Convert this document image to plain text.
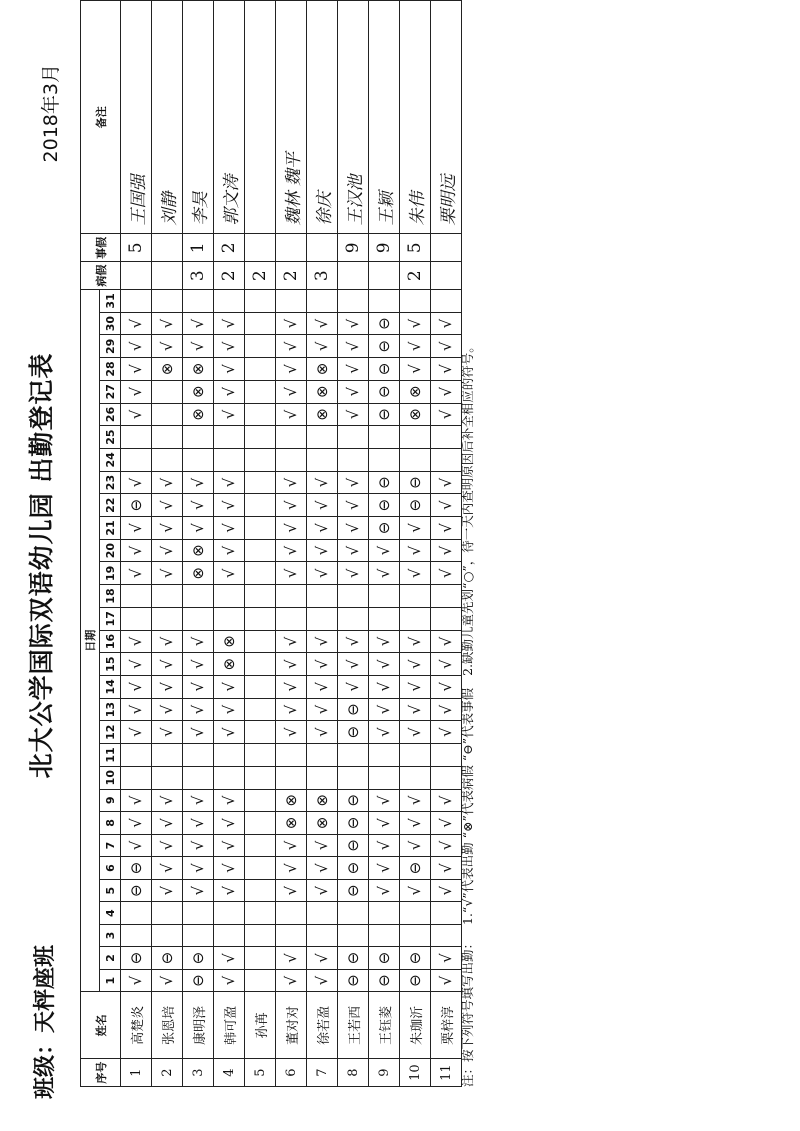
班级：天枰座班
北大公学国际双语幼儿园 出勤登记表
2018年3月
序号	姓名	日期																															病假	事假	备注
		1	2	3	4	5	6	7	8	9	10	11	12	13	14	15	16	17	18	19	20	21	22	23	24	25	26	27	28	29	30	31			
1	高楚炎	√	⊖			⊖	⊖	√	√	√			√	√	√	√	√			√	√	√	⊖	√			√	√	√	√	√			5	王国强
2	张恩培	√	⊖			√	√	√	√	√			√	√	√	√	√			√	√	√	√	√					⊗	√	√				刘静
3	康明泽	⊖	⊖			√	√	√	√	√			√	√	√	√	√			⊗	⊗	√	√	√			⊗	⊗	⊗	√	√		3	1	李昊
4	韩可盈	√	√			√	√	√	√	√			√	√	√	⊗	⊗			√	√	√	√	√			√	√	√	√	√		2	2	郭文涛
5	孙苒																																2		
6	董对对	√	√			√	√	√	⊗	⊗			√	√	√	√	√			√	√	√	√	√			√	√	√	√	√		2		魏林 魏平
7	徐若盈	√	√			√	√	√	⊗	⊗			√	√	√	√	√			√	√	√	√	√			⊗	⊗	⊗	√	√		3		徐庆
8	王若西	⊖	⊖			⊖	⊖	⊖	⊖	⊖			⊖	⊖	√	√	√			√	√	√	√	√			√	√	√	√	√			9	王汉池
9	王钰菱	⊖	⊖			√	√	√	√	√			√	√	√	√	√			√	√	⊖	⊖	⊖			⊖	⊖	⊖	⊖	⊖			9	王颖
10	朱珈沂	⊖	⊖			√	⊖	√	√	√			√	√	√	√	√			√	√	√	⊖	⊖			⊗	⊗	√	√	√		2	5	朱伟
11	栗梓淳	√	√			√	√	√	√	√			√	√	√	√	√			√	√	√	√	√			√	√	√	√	√				栗明远
注：按下列符号填写出勤： 1.“√”代表出勤 “⊗”代表病假 “⊖”代表事假 2.缺勤儿童先划“○”，待一天内查明原因后补全相应的符号。
